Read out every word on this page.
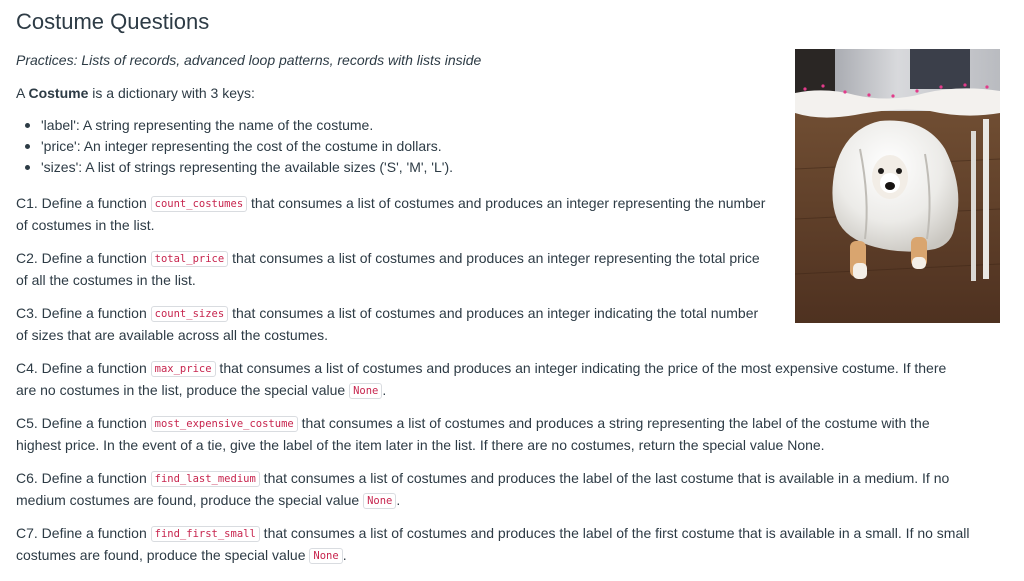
Costume Questions

Practices: Lists of records, advanced loop patterns, records with lists inside

A Costume is a dictionary with 3 keys:

'label': A string representing the name of the costume.
'price': An integer representing the cost of the costume in dollars.
'sizes': A list of strings representing the available sizes ('S', 'M', 'L').
C1. Define a function count_costumes that consumes a list of costumes and produces an integer representing the number
of costumes in the list.
C2. Define a function total_price that consumes a list of costumes and produces an integer representing the total price
of all the costumes in the list.
C3. Define a function count_sizes that consumes a list of costumes and produces an integer indicating the total number
of sizes that are available across all the costumes.
C4. Define a function max_price that consumes a list of costumes and produces an integer indicating the price of the most expensive costume. If there
are no costumes in the list, produce the special value None .
C5. Define a function most_expensive_costume that consumes a list of costumes and produces a string representing the label of the costume with the
highest price. In the event of a tie, give the label of the item later in the list. If there are no costumes, return the special value None.
C6. Define a function find_last_medium that consumes a list of costumes and produces the label of the last costume that is available in a medium. If no
medium costumes are found, produce the special value None .
C7. Define a function find_first_small that consumes a list of costumes and produces the label of the first costume that is available in a small. If no small
costumes are found, produce the special value None .
